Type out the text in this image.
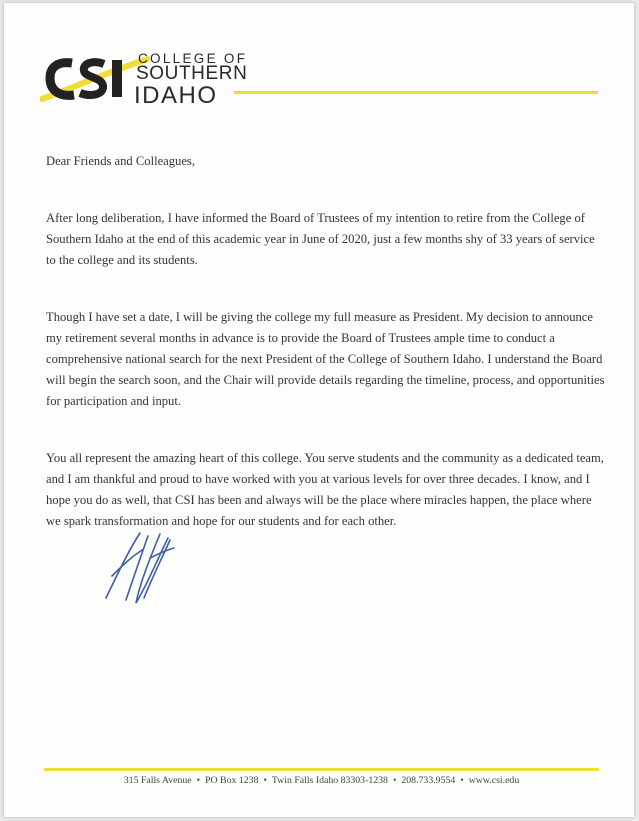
COLLEGE OF
SOUTHERN
IDAHO

Dear Friends and Colleagues,

After long deliberation, I have informed the Board of Trustees of my intention to retire from the College of Southern Idaho at the end of this academic year in June of 2020, just a few months shy of 33 years of service to the college and its students.

Though I have set a date, I will be giving the college my full measure as President. My decision to announce my retirement several months in advance is to provide the Board of Trustees ample time to conduct a comprehensive national search for the next President of the College of Southern Idaho. I understand the Board will begin the search soon, and the Chair will provide details regarding the timeline, process, and opportunities for participation and input.

You all represent the amazing heart of this college. You serve students and the community as a dedicated team, and I am thankful and proud to have worked with you at various levels for over three decades. I know, and I hope you do as well, that CSI has been and always will be the place where miracles happen, the place where we spark transformation and hope for our students and for each other.

315 Falls Avenue • PO Box 1238 • Twin Falls Idaho 83303-1238 • 208.733.9554 • www.csi.edu
